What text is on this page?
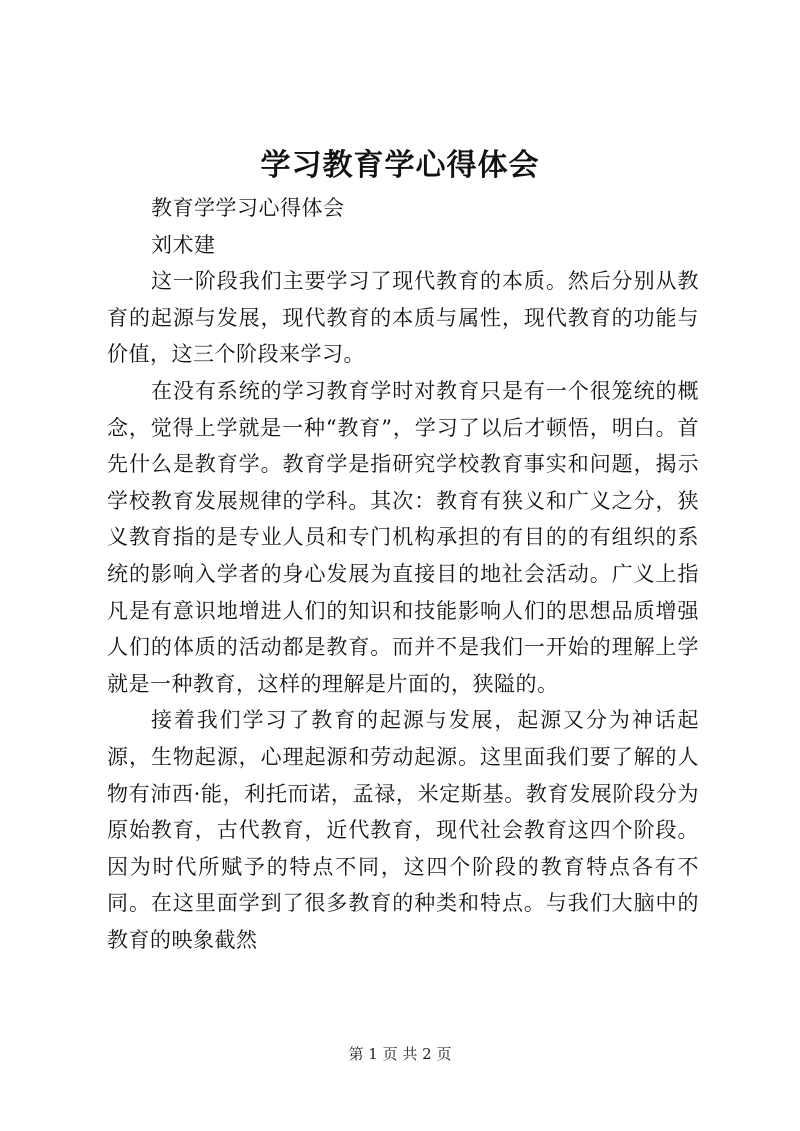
学习教育学心得体会

教育学学习心得体会

刘术建

这一阶段我们主要学习了现代教育的本质。然后分别从教育的起源与发展，现代教育的本质与属性，现代教育的功能与价值，这三个阶段来学习。

在没有系统的学习教育学时对教育只是有一个很笼统的概念，觉得上学就是一种“教育”，学习了以后才顿悟，明白。首先什么是教育学。教育学是指研究学校教育事实和问题，揭示学校教育发展规律的学科。其次：教育有狭义和广义之分，狭义教育指的是专业人员和专门机构承担的有目的的有组织的系统的影响入学者的身心发展为直接目的地社会活动。广义上指凡是有意识地增进人们的知识和技能影响人们的思想品质增强人们的体质的活动都是教育。而并不是我们一开始的理解上学就是一种教育，这样的理解是片面的，狭隘的。

接着我们学习了教育的起源与发展，起源又分为神话起源，生物起源，心理起源和劳动起源。这里面我们要了解的人物有沛西·能，利托而诺，孟禄，米定斯基。教育发展阶段分为原始教育，古代教育，近代教育，现代社会教育这四个阶段。因为时代所赋予的特点不同，这四个阶段的教育特点各有不同。在这里面学到了很多教育的种类和特点。与我们大脑中的教育的映象截然

第 1 页 共 2 页
